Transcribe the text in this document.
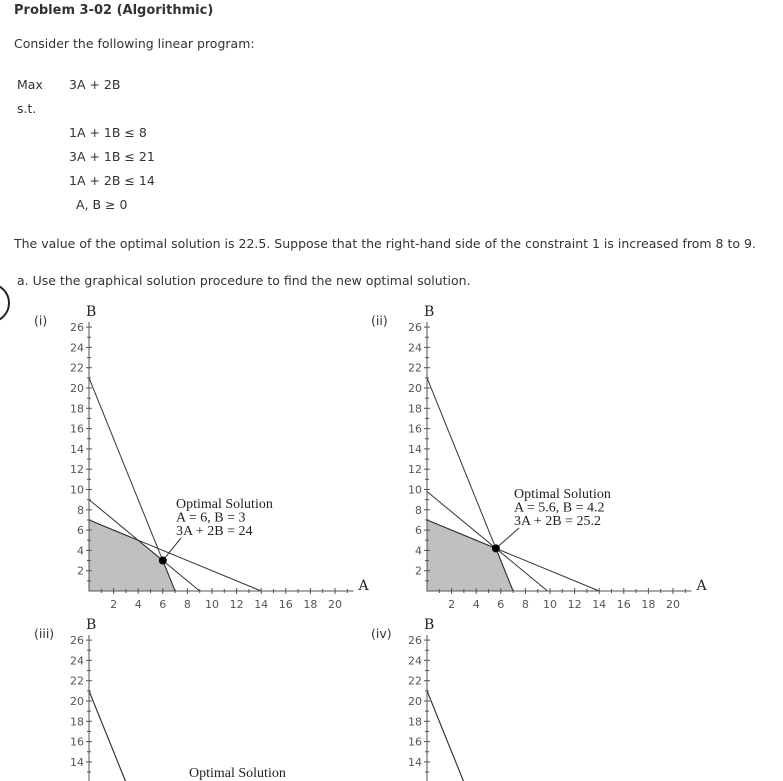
Problem 3-02 (Algorithmic)
Consider the following linear program:
Max 3A + 2B
s.t.
1A + 1B ≤ 8
3A + 1B ≤ 21
1A + 2B ≤ 14
A, B ≥ 0
The value of the optimal solution is 22.5. Suppose that the right-hand side of the constraint 1 is increased from 8 to 9.
a. Use the graphical solution procedure to find the new optimal solution.
(i)	(ii)
(iii)	(iv)
B
26
24
22
20
18
16
14
12
10
8
6
4
2
2 4 6 8 10 12 14 16 18 20
A
Optimal Solution
A = 6, B = 3
3A + 2B = 24
B
26
24
22
20
18
16
14
12
10
8
6
4
2
2 4 6 8 10 12 14 16 18 20
A
Optimal Solution
A = 5.6, B = 4.2
3A + 2B = 25.2
B
26
24
22
20
18
16
14
Optimal Solution
B
26
24
22
20
18
16
14
